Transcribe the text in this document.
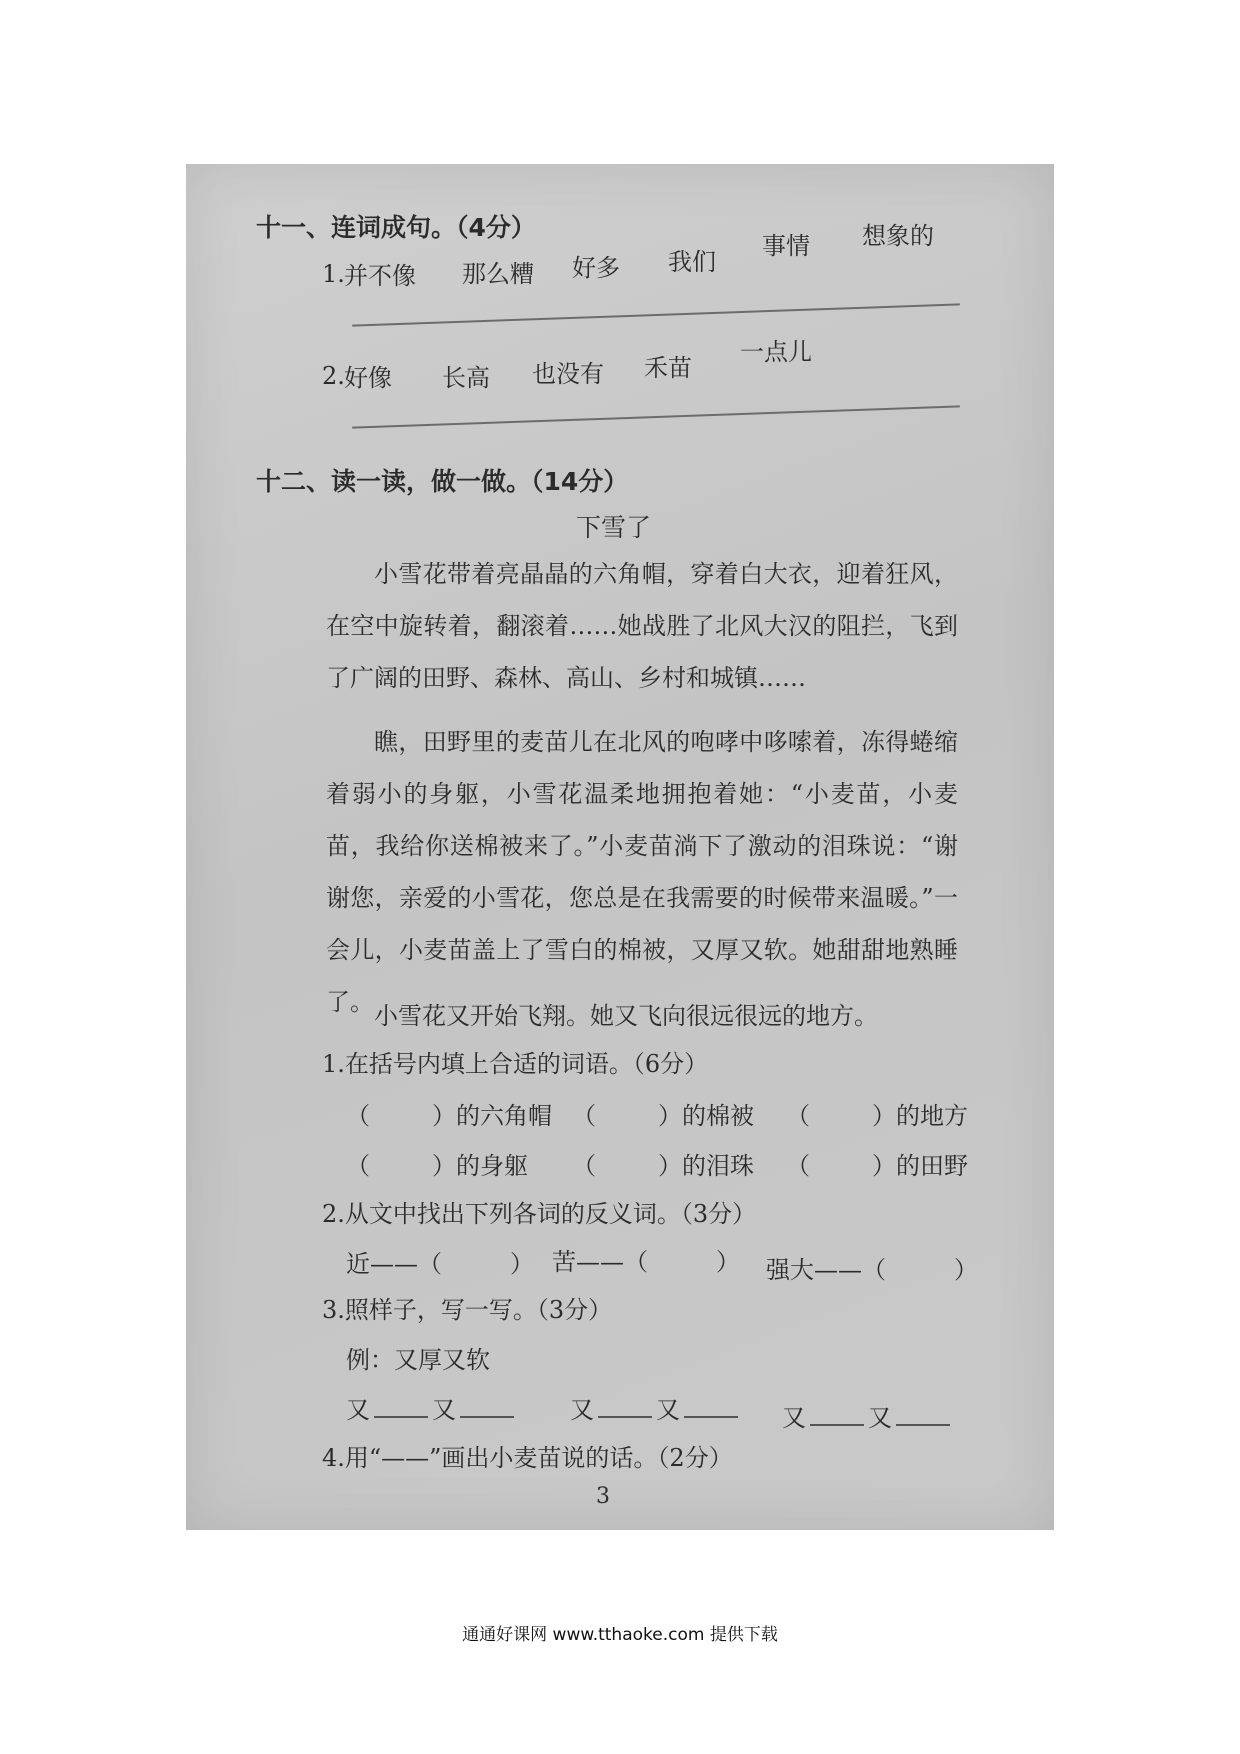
十一、连词成句。（4分）
1. 并不像 那么糟 好多 我们
事情 想象的
2. 好像 长高 也没有 禾苗
一点儿
十二、读一读，做一做。（14分）
下雪了
小雪花带着亮晶晶的六角帽，穿着白大衣，迎着狂风，在空中旋转着，翻滚着……她战胜了北风大汉的阻拦，飞到了广阔的田野、森林、高山、乡村和城镇……
瞧，田野里的麦苗儿在北风的咆哮中哆嗦着，冻得蜷缩着弱小的身躯，小雪花温柔地拥抱着她：“小麦苗，小麦苗，我给你送棉被来了。”小麦苗淌下了激动的泪珠说：“谢谢您，亲爱的小雪花，您总是在我需要的时候带来温暖。”一会儿，小麦苗盖上了雪白的棉被，又厚又软。她甜甜地熟睡了。 小雪花又开始飞翔。她又飞向很远很远的地方。
1.在括号内填上合适的词语。（6分）
（	）的六角帽 （	）的棉被 （	）的地方
（	）的身躯 （	）的泪珠 （	）的田野
2.从文中找出下列各词的反义词。（3分）
近——（	） 苦——（	） 强大——（	）
3.照样子，写一写。（3分）
例：又厚又软
又	又	又	又	又	又
4.用“——”画出小麦苗说的话。（2分）
3
通通好课网 www.tthaoke.com 提供下载
